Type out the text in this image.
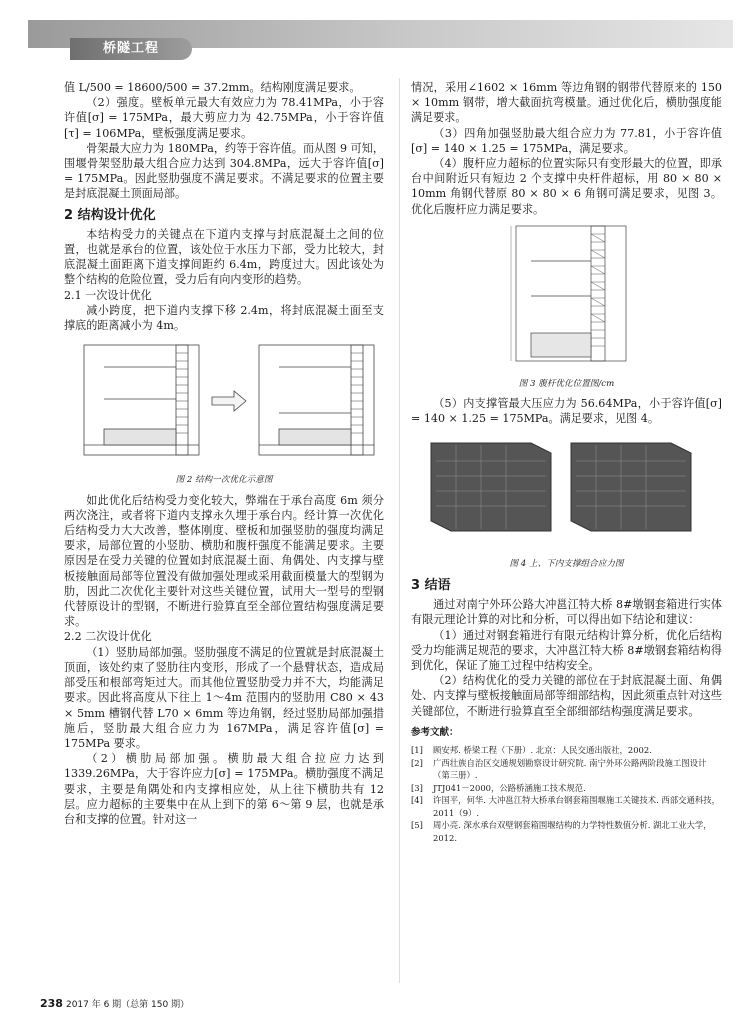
桥隧工程

值 L/500 = 18600/500 = 37.2mm。结构刚度满足要求。

（2）强度。壁板单元最大有效应力为 78.41MPa，小于容许值[σ] = 175MPa，最大剪应力为 42.75MPa，小于容许值[τ] = 106MPa，壁板强度满足要求。

骨架最大应力为 180MPa，约等于容许值。而从图 9 可知，围堰骨架竖肋最大组合应力达到 304.8MPa，远大于容许值[σ] = 175MPa。因此竖肋强度不满足要求。不满足要求的位置主要是封底混凝土顶面局部。

2 结构设计优化

本结构受力的关键点在下道内支撑与封底混凝土之间的位置，也就是承台的位置，该处位于水压力下部，受力比较大，封底混凝土面距离下道支撑间距约 6.4m，跨度过大。因此该处为整个结构的危险位置，受力后有向内变形的趋势。

2.1 一次设计优化

减小跨度，把下道内支撑下移 2.4m，将封底混凝土面至支撑底的距离减小为 4m。

图 2 结构一次优化示意图

如此优化后结构受力变化较大，弊端在于承台高度 6m 须分两次浇注，或者将下道内支撑永久埋于承台内。经计算一次优化后结构受力大大改善，整体刚度、壁板和加强竖肋的强度均满足要求，局部位置的小竖肋、横肋和腹杆强度不能满足要求。主要原因是在受力关键的位置如封底混凝土面、角偶处、内支撑与壁板接触面局部等位置没有做加强处理或采用截面模量大的型钢为肋，因此二次优化主要针对这些关键位置，试用大一型号的型钢代替原设计的型钢，不断进行验算直至全部位置结构强度满足要求。

2.2 二次设计优化

（1）竖肋局部加强。竖肋强度不满足的位置就是封底混凝土顶面，该处约束了竖肋往内变形，形成了一个悬臂状态，造成局部受压和根部弯矩过大。而其他位置竖肋受力并不大，均能满足要求。因此将高度从下往上 1～4m 范围内的竖肋用 C80 × 43 × 5mm 槽钢代替 L70 × 6mm 等边角钢，经过竖肋局部加强措施后，竖肋最大组合应力为 167MPa，满足容许值[σ] = 175MPa 要求。

（2）横肋局部加强。横肋最大组合拉应力达到 1339.26MPa，大于容许应力[σ] = 175MPa。横肋强度不满足要求，主要是角隅处和内支撑相应处，从上往下横肋共有 12 层。应力超标的主要集中在从上到下的第 6～第 9 层，也就是承台和支撑的位置。针对这一

情况，采用∠1602 × 16mm 等边角钢的钢带代替原来的 150 × 10mm 钢带，增大截面抗弯模量。通过优化后，横肋强度能满足要求。

（3）四角加强竖肋最大组合应力为 77.81，小于容许值[σ] = 140 × 1.25 = 175MPa，满足要求。

（4）腹杆应力超标的位置实际只有变形最大的位置，即承台中间附近只有短边 2 个支撑中央杆件超标，用 80 × 80 × 10mm 角钢代替原 80 × 80 × 6 角钢可满足要求，见图 3。优化后腹杆应力满足要求。

图 3 腹杆优化位置图/cm

（5）内支撑管最大压应力为 56.64MPa，小于容许值[σ] = 140 × 1.25 = 175MPa。满足要求，见图 4。

图 4 上、下内支撑组合应力图
3 结语

通过对南宁外环公路大冲邕江特大桥 8#墩钢套箱进行实体有限元理论计算的对比和分析，可以得出如下结论和建议：

（1）通过对钢套箱进行有限元结构计算分析，优化后结构受力均能满足规范的要求，大冲邕江特大桥 8#墩钢套箱结构得到优化，保证了施工过程中结构安全。

（2）结构优化的受力关键的部位在于封底混凝土面、角偶处、内支撑与壁板接触面局部等细部结构，因此须重点针对这些关键部位，不断进行验算直至全部细部结构强度满足要求。

参考文献：
[1]	顾安邦. 桥梁工程（下册）. 北京：人民交通出版社，2002.
[2]	广西壮族自治区交通规划勘察设计研究院. 南宁外环公路两阶段施工图设计（第三册）.
[3]	JTJ041－2000，公路桥涵施工技术规范.
[4]	许国平，何华. 大冲邕江特大桥承台钢套箱围堰施工关键技术. 西部交通科技，2011（9）.
[5]	周小亮. 深水承台双壁钢套箱围堰结构的力学特性数值分析. 湖北工业大学，2012.
238 2017 年 6 期（总第 150 期）
